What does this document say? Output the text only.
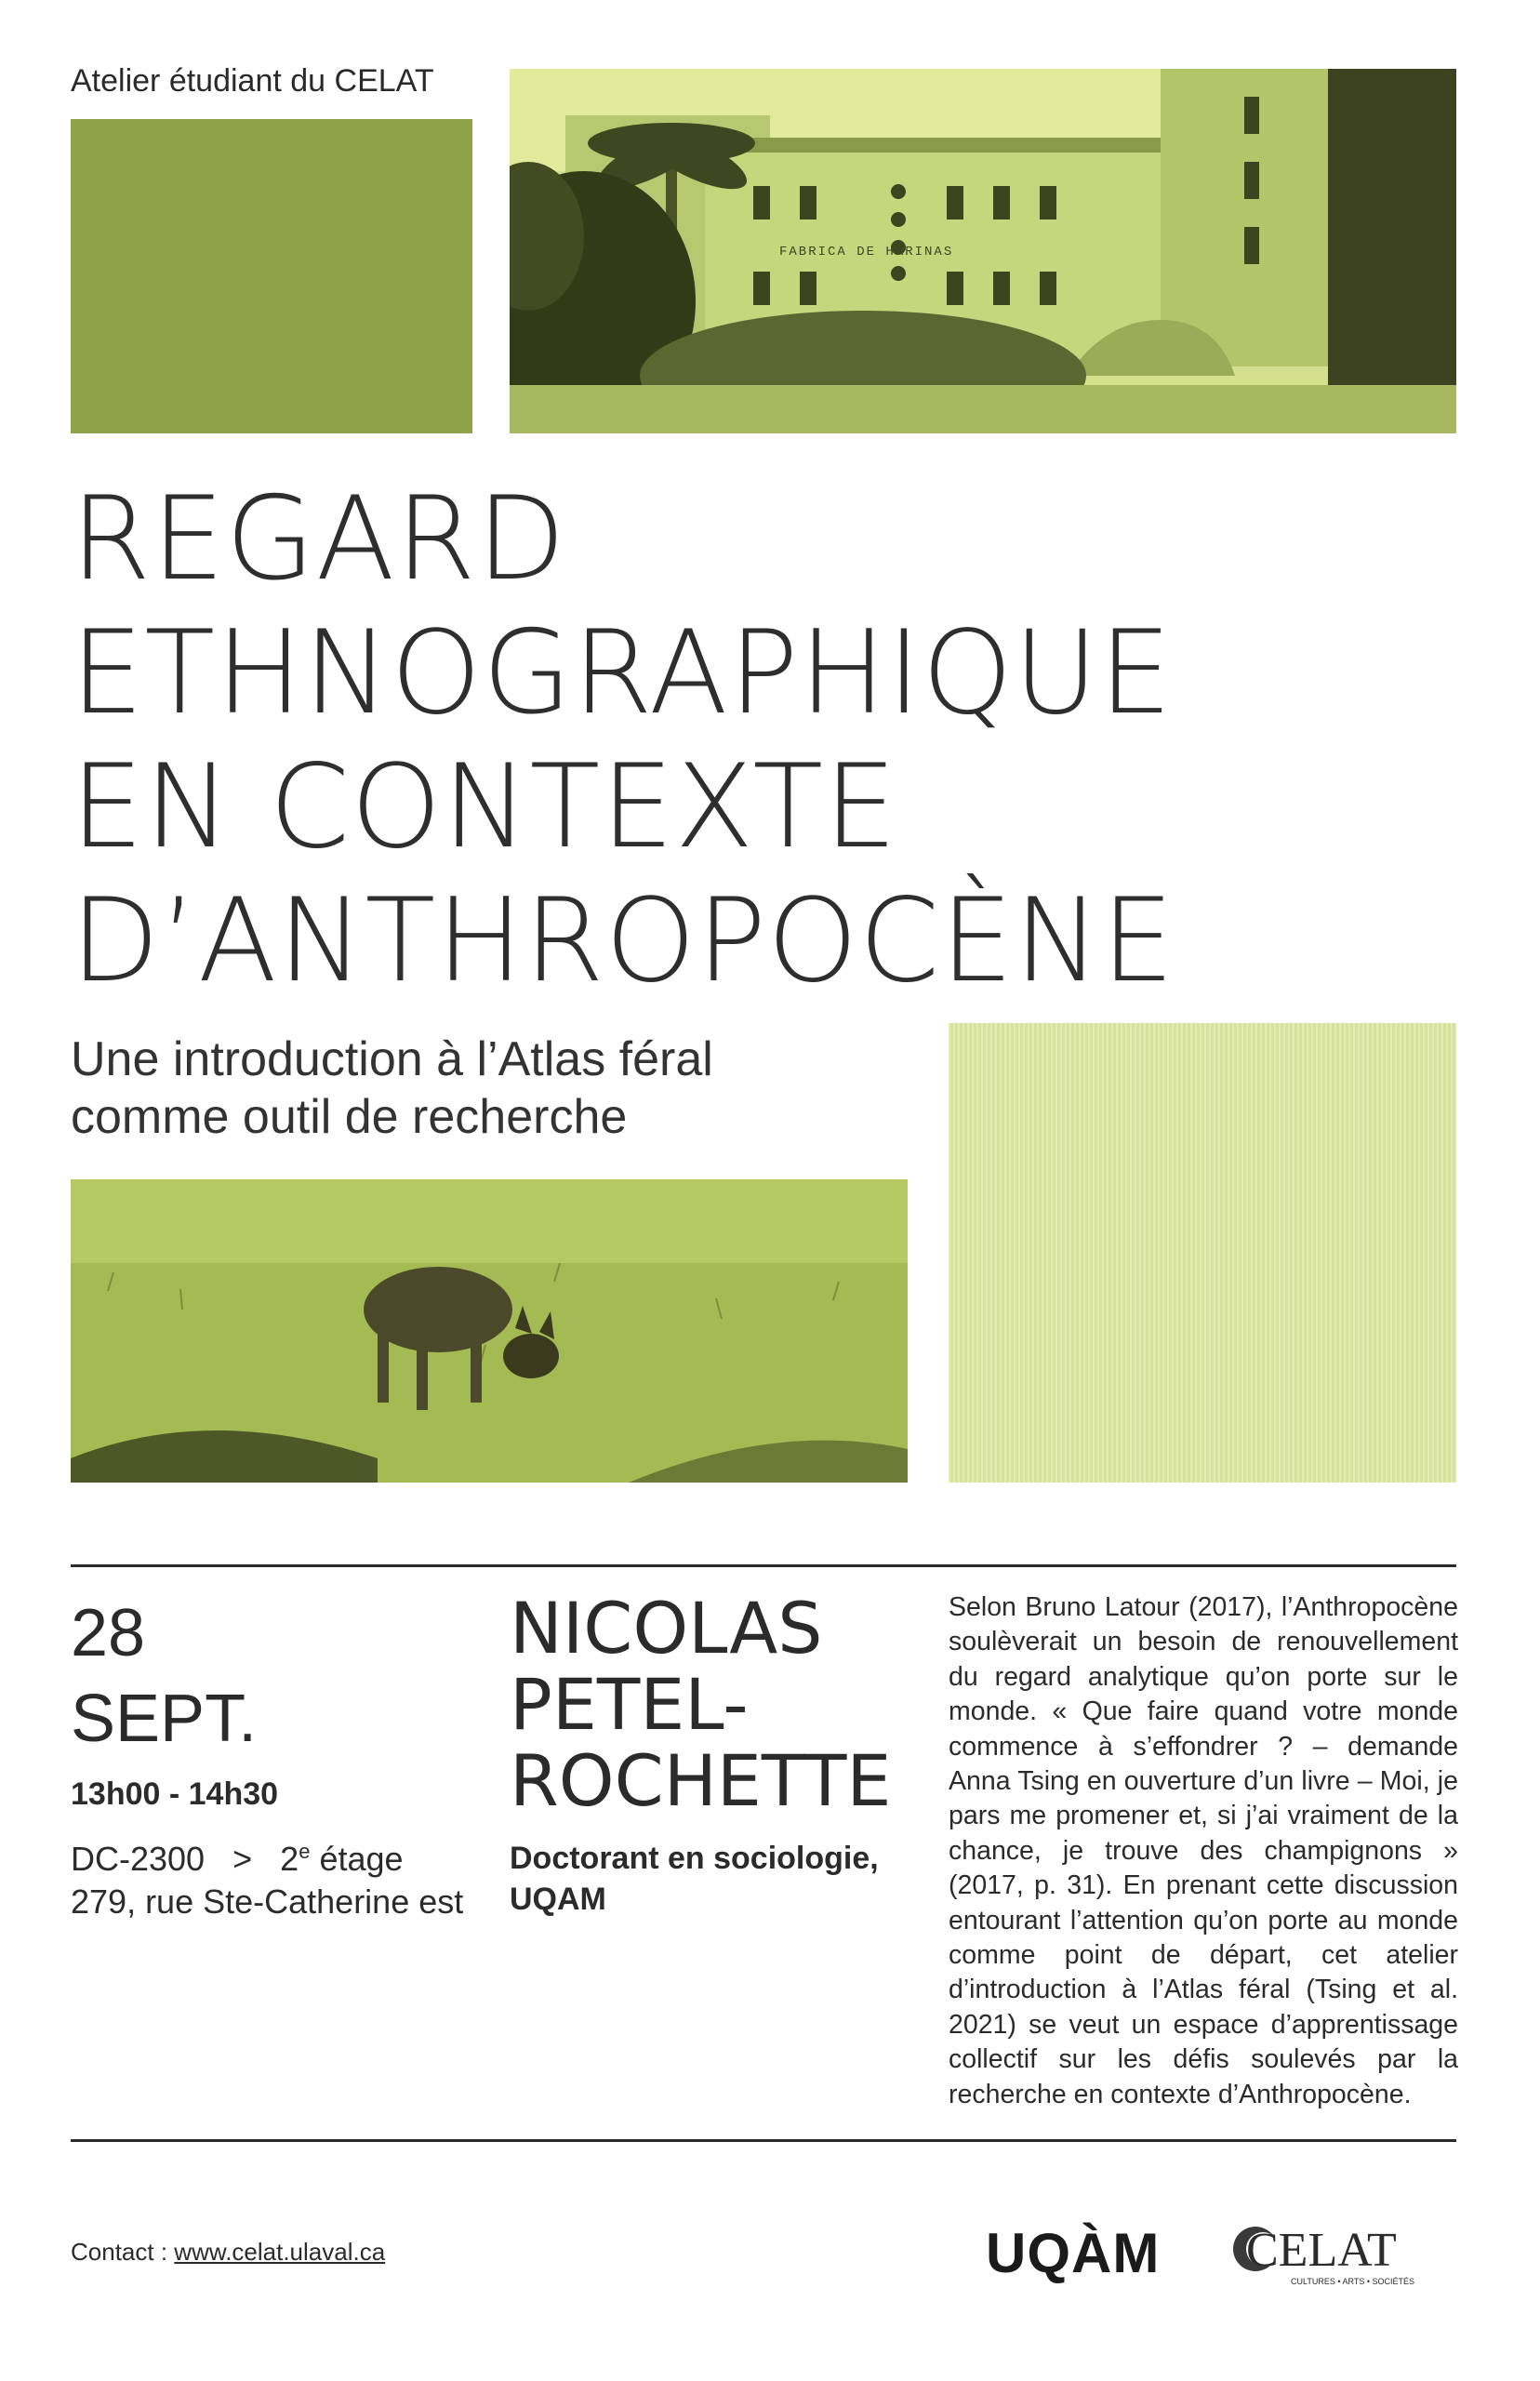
Atelier étudiant du CELAT
FABRICA DE HARINAS
REGARD
ETHNOGRAPHIQUE
EN CONTEXTE
D’ANTHROPOCÈNE
Une introduction à l’Atlas féral
comme outil de recherche
28
SEPT.
13h00 - 14h30
$DC-2300 > 2^e$ étage
279, rue Ste-Catherine est
NICOLAS
PETEL-
ROCHETTE
Doctorant en sociologie,
UQAM

Selon Bruno Latour (2017), l’Anthropocène soulèverait un besoin de renouvellement du regard analytique qu’on porte sur le monde. « Que faire quand votre monde commence à s’effondrer ? – demande Anna Tsing en ouverture d’un livre – Moi, je pars me promener et, si j’ai vraiment de la chance, je trouve des champignons » (2017, p. 31). En prenant cette discussion entourant l’attention qu’on porte au monde comme point de départ, cet atelier d’introduction à l’Atlas féral (Tsing et al. 2021) se veut un espace d’apprentissage collectif sur les défis soulevés par la recherche en contexte d’Anthropocène.

Contact : www.celat.ulaval.ca	UQÀM CELAT
CULTURES • ARTS • SOCIÉTÉS
